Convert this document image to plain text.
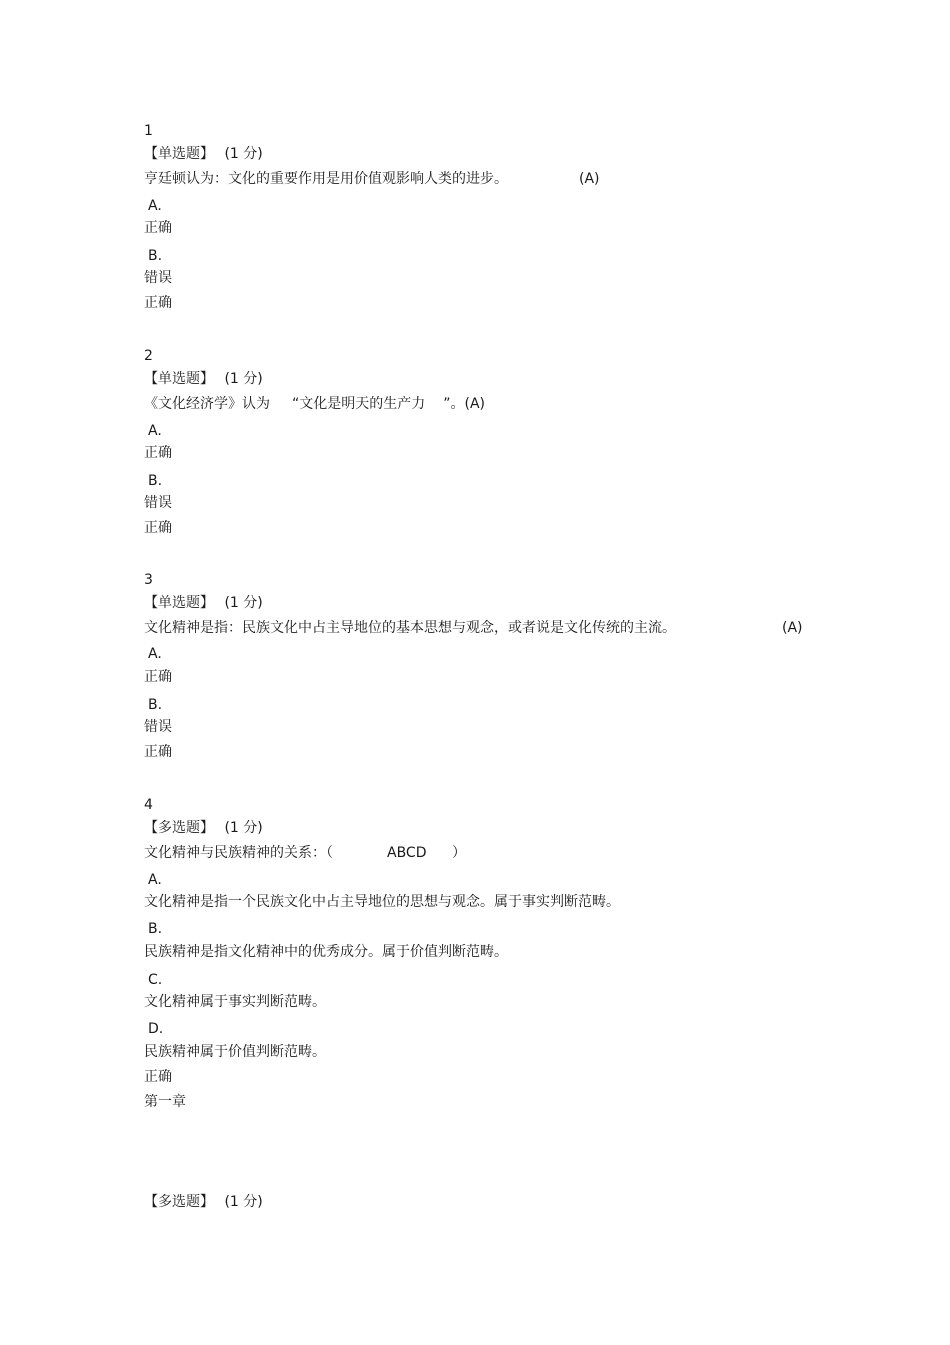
1
【单选题】 (1 分)
亨廷顿认为：文化的重要作用是用价值观影响人类的进步。	(A)
A.
正确
B.
错误
正确
2
【单选题】 (1 分)
《文化经济学》认为 “文化是明天的生产力 ”。(A)
A.
正确
B.
错误
正确
3
【单选题】 (1 分)
文化精神是指：民族文化中占主导地位的基本思想与观念，或者说是文化传统的主流。	(A)
A.
正确
B.
错误
正确
4
【多选题】 (1 分)
文化精神与民族精神的关系：（	ABCD ）
A.
文化精神是指一个民族文化中占主导地位的思想与观念。属于事实判断范畴。
B.
民族精神是指文化精神中的优秀成分。属于价值判断范畴。
C.
文化精神属于事实判断范畴。
D.
民族精神属于价值判断范畴。
正确
第一章
【多选题】 (1 分)
